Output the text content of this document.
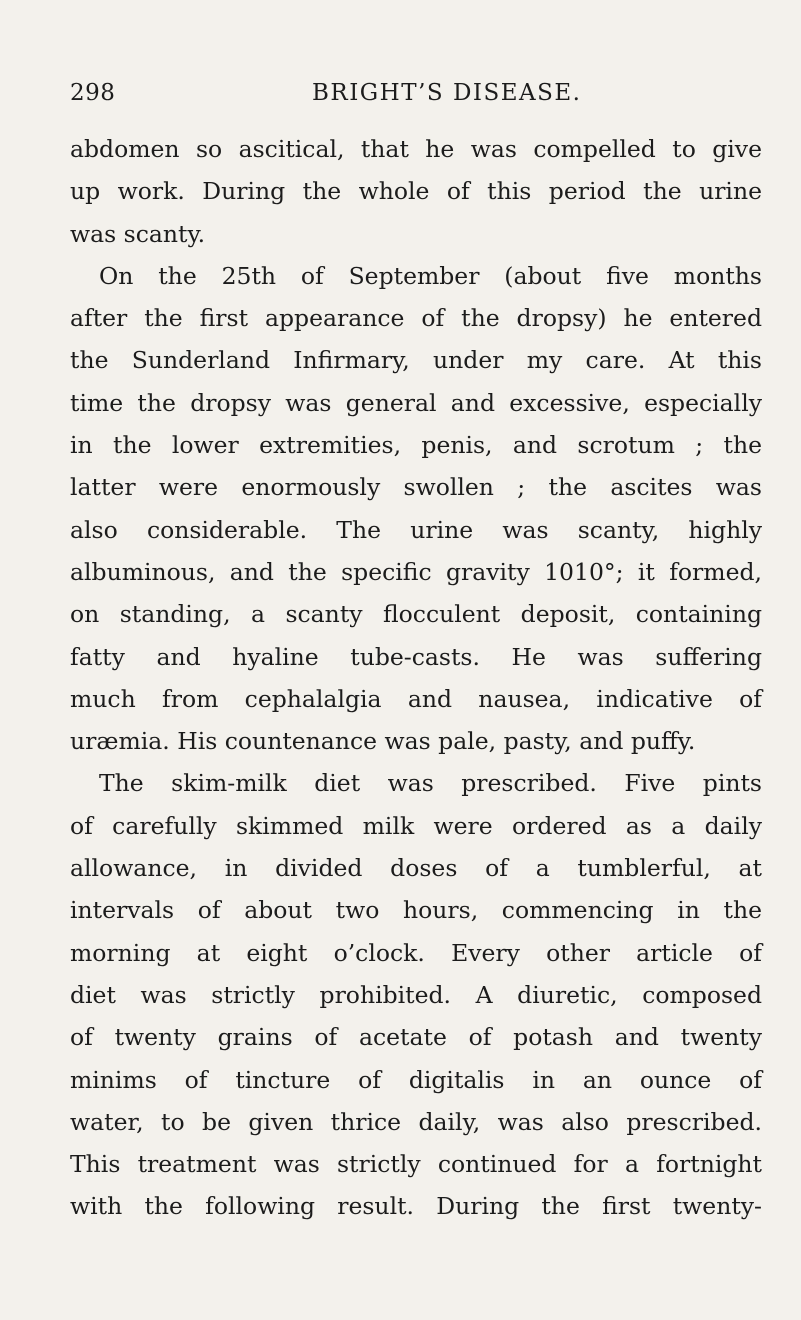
298	BRIGHT’S DISEASE.
abdomen so ascitical, that he was compelled to give
up work. During the whole of this period the urine
was scanty.
On the 25th of September (about five months
after the first appearance of the dropsy) he entered
the Sunderland Infirmary, under my care. At this
time the dropsy was general and excessive, especially
in the lower extremities, penis, and scrotum ; the
latter were enormously swollen ; the ascites was
also considerable. The urine was scanty, highly
albuminous, and the specific gravity 1010°; it formed,
on standing, a scanty flocculent deposit, containing
fatty and hyaline tube-casts. He was suffering
much from cephalalgia and nausea, indicative of
uræmia. His countenance was pale, pasty, and puffy.
The skim-milk diet was prescribed. Five pints
of carefully skimmed milk were ordered as a daily
allowance, in divided doses of a tumblerful, at
intervals of about two hours, commencing in the
morning at eight o’clock. Every other article of
diet was strictly prohibited. A diuretic, composed
of twenty grains of acetate of potash and twenty
minims of tincture of digitalis in an ounce of
water, to be given thrice daily, was also prescribed.
This treatment was strictly continued for a fortnight
with the following result. During the first twenty-
